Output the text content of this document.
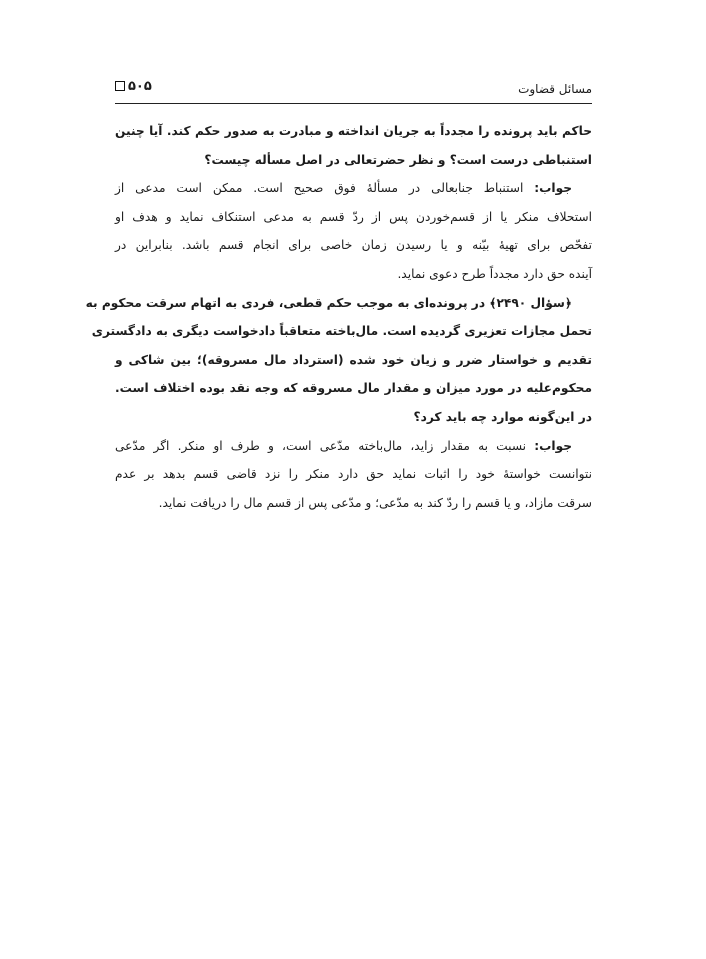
مسائل قضاوت
۵۰۵
حاکم باید پرونده را مجدداً به جریان انداخته و مبادرت به صدور حکم کند. آیا چنین
استنباطی درست است؟ و نظر حضرتعالی در اصل مسأله چیست؟
جواب: استنباط جنابعالی در مسألهٔ فوق صحیح است. ممکن است مدعی از
استحلاف منکر یا از قسم‌خوردن پس از ردّ قسم به مدعی استنکاف نماید و هدف او
تفحّص برای تهیهٔ بیّنه و یا رسیدن زمان خاصی برای انجام قسم باشد. بنابراین در
آینده حق دارد مجدداً طرح دعوی نماید.
﴿سؤال ۲۴۹۰﴾ در پرونده‌ای به موجب حکم قطعی، فردی به اتهام سرقت محکوم به
تحمل مجازات تعزیری گردیده است. مال‌باخته متعاقباً دادخواست دیگری به دادگستری
تقدیم و خواستار ضرر و زیان خود شده (استرداد مال مسروقه)؛ بین شاکی و
محکوم‌علیه در مورد میزان و مقدار مال مسروقه که وجه نقد بوده اختلاف است.
در این‌گونه موارد چه باید کرد؟
جواب: نسبت به مقدار زاید، مال‌باخته مدّعی است، و طرف او منکر. اگر مدّعی
نتوانست خواستهٔ خود را اثبات نماید حق دارد منکر را نزد قاضی قسم بدهد بر عدم
سرقت مازاد، و یا قسم را ردّ کند به مدّعی؛ و مدّعی پس از قسم مال را دریافت نماید.
